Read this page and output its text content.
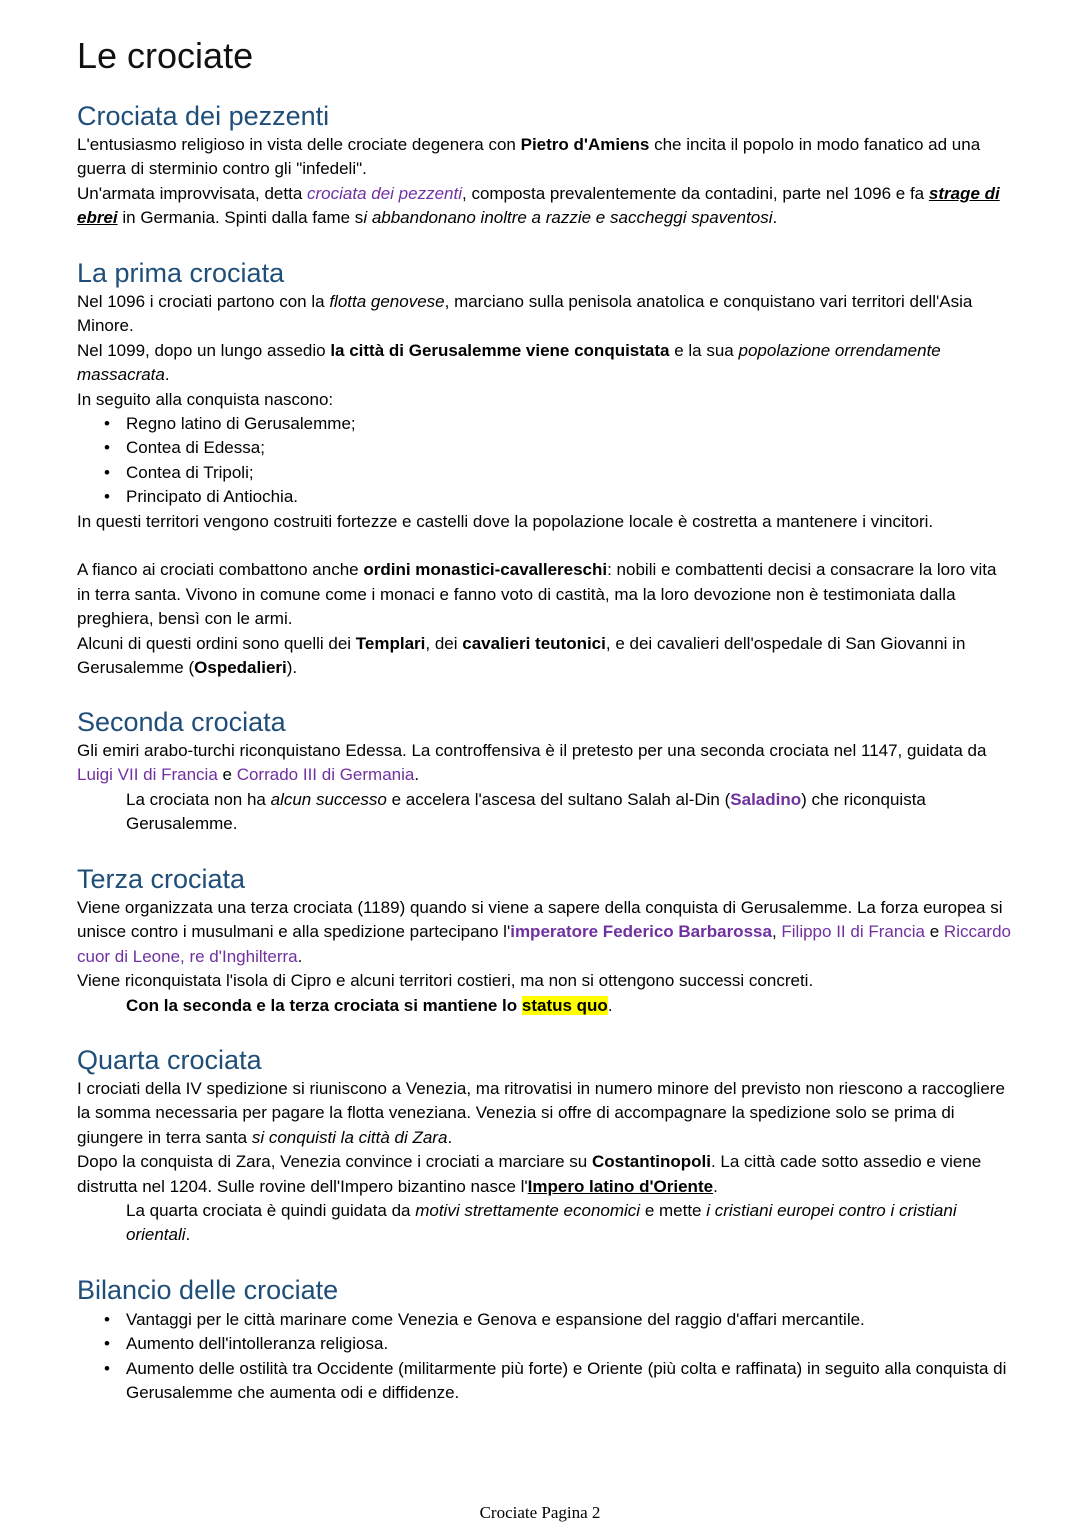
Le crociate
Crociata dei pezzenti

L'entusiasmo religioso in vista delle crociate degenera con Pietro d'Amiens che incita il popolo in modo fanatico ad una guerra di sterminio contro gli "infedeli".

Un'armata improvvisata, detta crociata dei pezzenti, composta prevalentemente da contadini, parte nel 1096 e fa strage di ebrei in Germania. Spinti dalla fame si abbandonano inoltre a razzie e saccheggi spaventosi.

La prima crociata

Nel 1096 i crociati partono con la flotta genovese, marciano sulla penisola anatolica e conquistano vari territori dell'Asia Minore.

Nel 1099, dopo un lungo assedio la città di Gerusalemme viene conquistata e la sua popolazione orrendamente massacrata.

In seguito alla conquista nascono:

• Regno latino di Gerusalemme;
• Contea di Edessa;
• Contea di Tripoli;
• Principato di Antiochia.

In questi territori vengono costruiti fortezze e castelli dove la popolazione locale è costretta a mantenere i vincitori.

A fianco ai crociati combattono anche ordini monastici-cavallereschi: nobili e combattenti decisi a consacrare la loro vita in terra santa. Vivono in comune come i monaci e fanno voto di castità, ma la loro devozione non è testimoniata dalla preghiera, bensì con le armi.

Alcuni di questi ordini sono quelli dei Templari, dei cavalieri teutonici, e dei cavalieri dell'ospedale di San Giovanni in Gerusalemme (Ospedalieri).

Seconda crociata

Gli emiri arabo-turchi riconquistano Edessa. La controffensiva è il pretesto per una seconda crociata nel 1147, guidata da Luigi VII di Francia e Corrado III di Germania.

La crociata non ha alcun successo e accelera l'ascesa del sultano Salah al-Din (Saladino) che riconquista Gerusalemme.

Terza crociata

Viene organizzata una terza crociata (1189) quando si viene a sapere della conquista di Gerusalemme. La forza europea si unisce contro i musulmani e alla spedizione partecipano l'imperatore Federico Barbarossa, Filippo II di Francia e Riccardo cuor di Leone, re d'Inghilterra.

Viene riconquistata l'isola di Cipro e alcuni territori costieri, ma non si ottengono successi concreti.

Con la seconda e la terza crociata si mantiene lo status quo.

Quarta crociata

I crociati della IV spedizione si riuniscono a Venezia, ma ritrovatisi in numero minore del previsto non riescono a raccogliere la somma necessaria per pagare la flotta veneziana. Venezia si offre di accompagnare la spedizione solo se prima di giungere in terra santa si conquisti la città di Zara.

Dopo la conquista di Zara, Venezia convince i crociati a marciare su Costantinopoli. La città cade sotto assedio e viene distrutta nel 1204. Sulle rovine dell'Impero bizantino nasce l'Impero latino d'Oriente.

La quarta crociata è quindi guidata da motivi strettamente economici e mette i cristiani europei contro i cristiani orientali.

Bilancio delle crociate
• Vantaggi per le città marinare come Venezia e Genova e espansione del raggio d'affari mercantile.
• Aumento dell'intolleranza religiosa.
• Aumento delle ostilità tra Occidente (militarmente più forte) e Oriente (più colta e raffinata) in seguito alla conquista di Gerusalemme che aumenta odi e diffidenze.
Crociate Pagina 2
